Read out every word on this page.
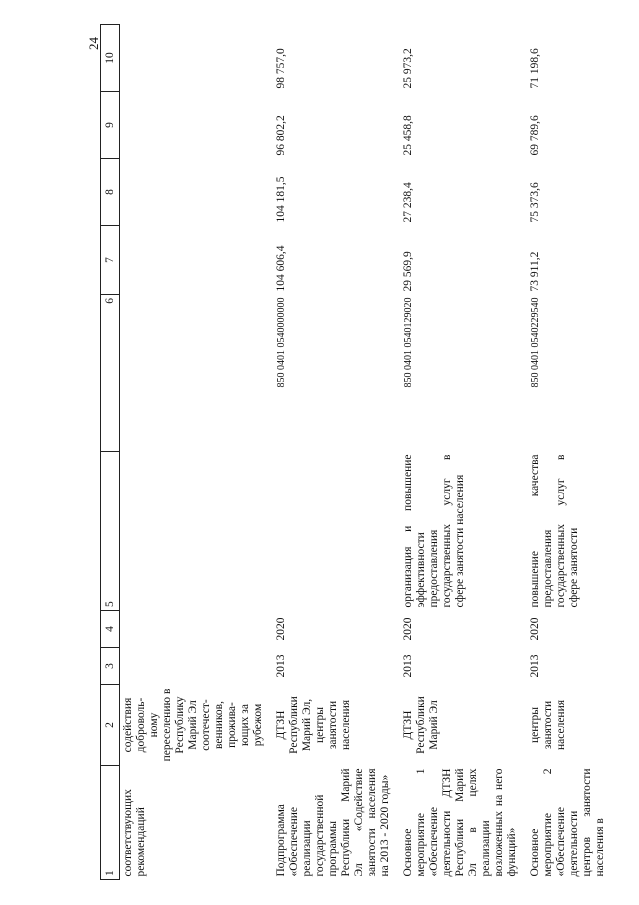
24
1	2	3	4	5	6	7	8	9	10
соответствующих рекомендаций	содействия доброволь-ному переселению в Республику Марий Эл соотечест-венников, прожива-ющих за рубежом								
Подпрограмма «Обеспечение реализации государственной программы Республики Марий Эл «Содействие занятости населения на 2013 - 2020 годы»	ДТЗН Республики Марий Эл, центры занятости населения	2013	2020		850 0401 0540000000	104 606,4	104 181,5	96 802,2	98 757,0
Основное мероприятие 1 «Обеспечение деятельности ДТЗН Республики Марий Эл в целях реализации возложенных на него функций»	ДТЗН Республики Марий Эл	2013	2020	организация и повышение эффективности предоставления государственных услуг в сфере занятости населения	850 0401 0540129020	29 569,9	27 238,4	25 458,8	25 973,2
Основное мероприятие 2 «Обеспечение деятельности центров занятости населения в	центры занятости населения	2013	2020	повышение качества предоставления государственных услуг в сфере занятости	850 0401 0540229540	73 911,2	75 373,6	69 789,6	71 198,6
